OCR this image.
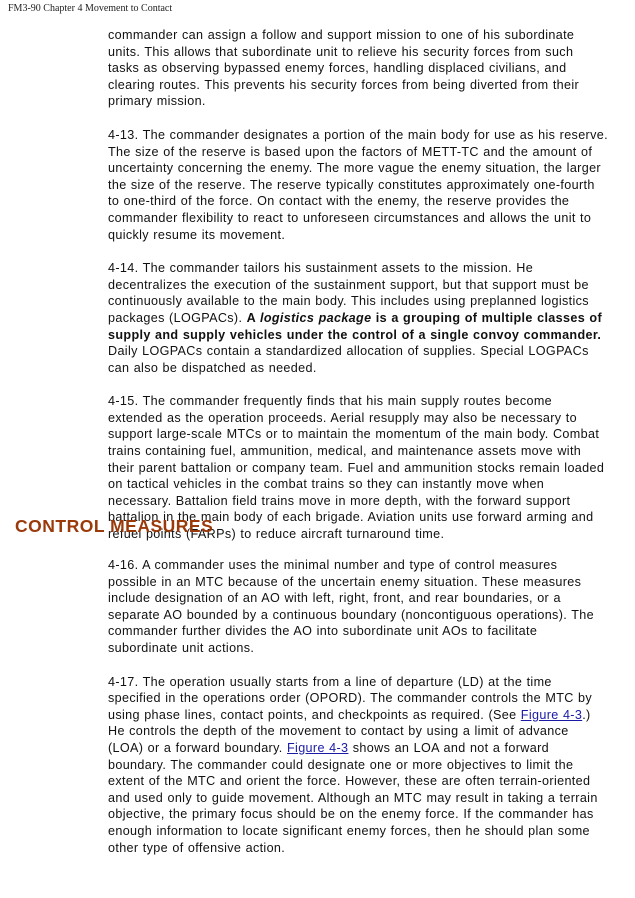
FM3-90 Chapter 4 Movement to Contact

commander can assign a follow and support mission to one of his subordinate units. This allows that subordinate unit to relieve his security forces from such tasks as observing bypassed enemy forces, handling displaced civilians, and clearing routes. This prevents his security forces from being diverted from their primary mission.

4-13. The commander designates a portion of the main body for use as his reserve. The size of the reserve is based upon the factors of METT-TC and the amount of uncertainty concerning the enemy. The more vague the enemy situation, the larger the size of the reserve. The reserve typically constitutes approximately one-fourth to one-third of the force. On contact with the enemy, the reserve provides the commander flexibility to react to unforeseen circumstances and allows the unit to quickly resume its movement.

4-14. The commander tailors his sustainment assets to the mission. He decentralizes the execution of the sustainment support, but that support must be continuously available to the main body. This includes using preplanned logistics packages (LOGPACs). A logistics package is a grouping of multiple classes of supply and supply vehicles under the control of a single convoy commander. Daily LOGPACs contain a standardized allocation of supplies. Special LOGPACs can also be dispatched as needed.

4-15. The commander frequently finds that his main supply routes become extended as the operation proceeds. Aerial resupply may also be necessary to support large-scale MTCs or to maintain the momentum of the main body. Combat trains containing fuel, ammunition, medical, and maintenance assets move with their parent battalion or company team. Fuel and ammunition stocks remain loaded on tactical vehicles in the combat trains so they can instantly move when necessary. Battalion field trains move in more depth, with the forward support battalion in the main body of each brigade. Aviation units use forward arming and refuel points (FARPs) to reduce aircraft turnaround time.

CONTROL MEASURES

4-16. A commander uses the minimal number and type of control measures possible in an MTC because of the uncertain enemy situation. These measures include designation of an AO with left, right, front, and rear boundaries, or a separate AO bounded by a continuous boundary (noncontiguous operations). The commander further divides the AO into subordinate unit AOs to facilitate subordinate unit actions.

4-17. The operation usually starts from a line of departure (LD) at the time specified in the operations order (OPORD). The commander controls the MTC by using phase lines, contact points, and checkpoints as required. (See Figure 4-3.) He controls the depth of the movement to contact by using a limit of advance (LOA) or a forward boundary. Figure 4-3 shows an LOA and not a forward boundary. The commander could designate one or more objectives to limit the extent of the MTC and orient the force. However, these are often terrain-oriented and used only to guide movement. Although an MTC may result in taking a terrain objective, the primary focus should be on the enemy force. If the commander has enough information to locate significant enemy forces, then he should plan some other type of offensive action.
